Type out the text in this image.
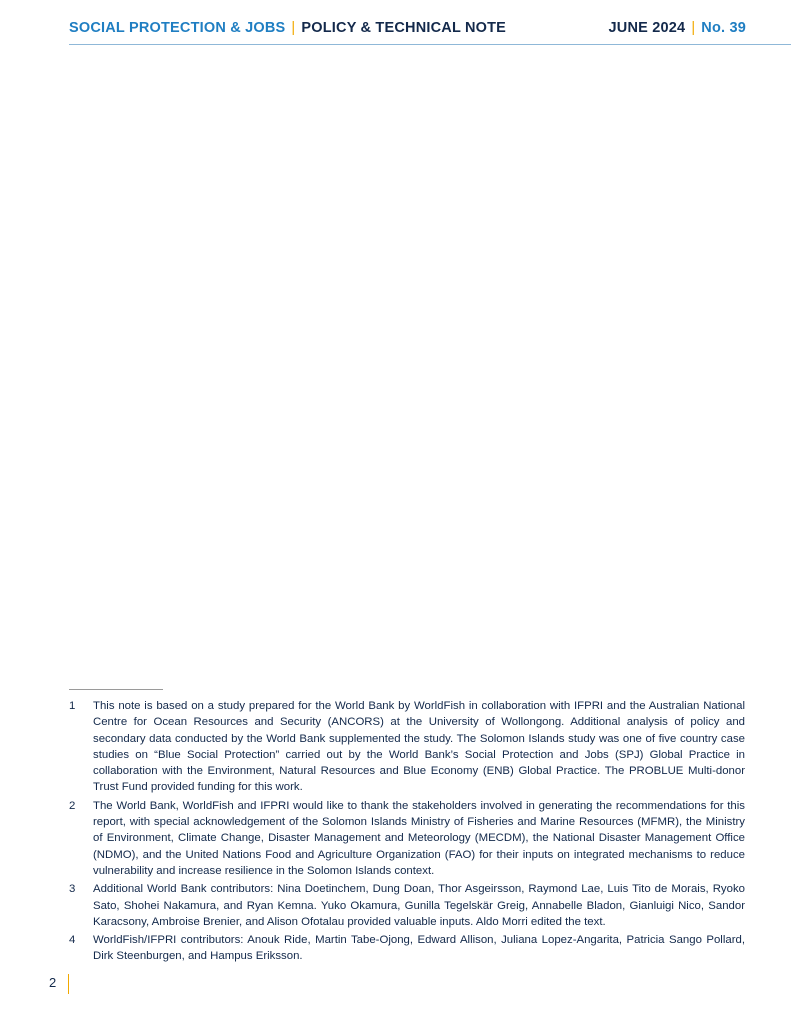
SOCIAL PROTECTION & JOBS | POLICY & TECHNICAL NOTE	JUNE 2024 | No. 39
1	This note is based on a study prepared for the World Bank by WorldFish in collaboration with IFPRI and the Australian National Centre for Ocean Resources and Security (ANCORS) at the University of Wollongong. Additional analysis of policy and secondary data conducted by the World Bank supplemented the study. The Solomon Islands study was one of five country case studies on “Blue Social Protection” carried out by the World Bank’s Social Protection and Jobs (SPJ) Global Practice in collaboration with the Environment, Natural Resources and Blue Economy (ENB) Global Practice. The PROBLUE Multi-donor Trust Fund provided funding for this work.
2	The World Bank, WorldFish and IFPRI would like to thank the stakeholders involved in generating the recommendations for this report, with special acknowledgement of the Solomon Islands Ministry of Fisheries and Marine Resources (MFMR), the Ministry of Environment, Climate Change, Disaster Management and Meteorology (MECDM), the National Disaster Management Office (NDMO), and the United Nations Food and Agriculture Organization (FAO) for their inputs on integrated mechanisms to reduce vulnerability and increase resilience in the Solomon Islands context.
3	Additional World Bank contributors: Nina Doetinchem, Dung Doan, Thor Asgeirsson, Raymond Lae, Luis Tito de Morais, Ryoko Sato, Shohei Nakamura, and Ryan Kemna. Yuko Okamura, Gunilla Tegelskär Greig, Annabelle Bladon, Gianluigi Nico, Sandor Karacsony, Ambroise Brenier, and Alison Ofotalau provided valuable inputs. Aldo Morri edited the text.
4	WorldFish/IFPRI contributors: Anouk Ride, Martin Tabe-Ojong, Edward Allison, Juliana Lopez-Angarita, Patricia Sango Pollard, Dirk Steenburgen, and Hampus Eriksson.
2
